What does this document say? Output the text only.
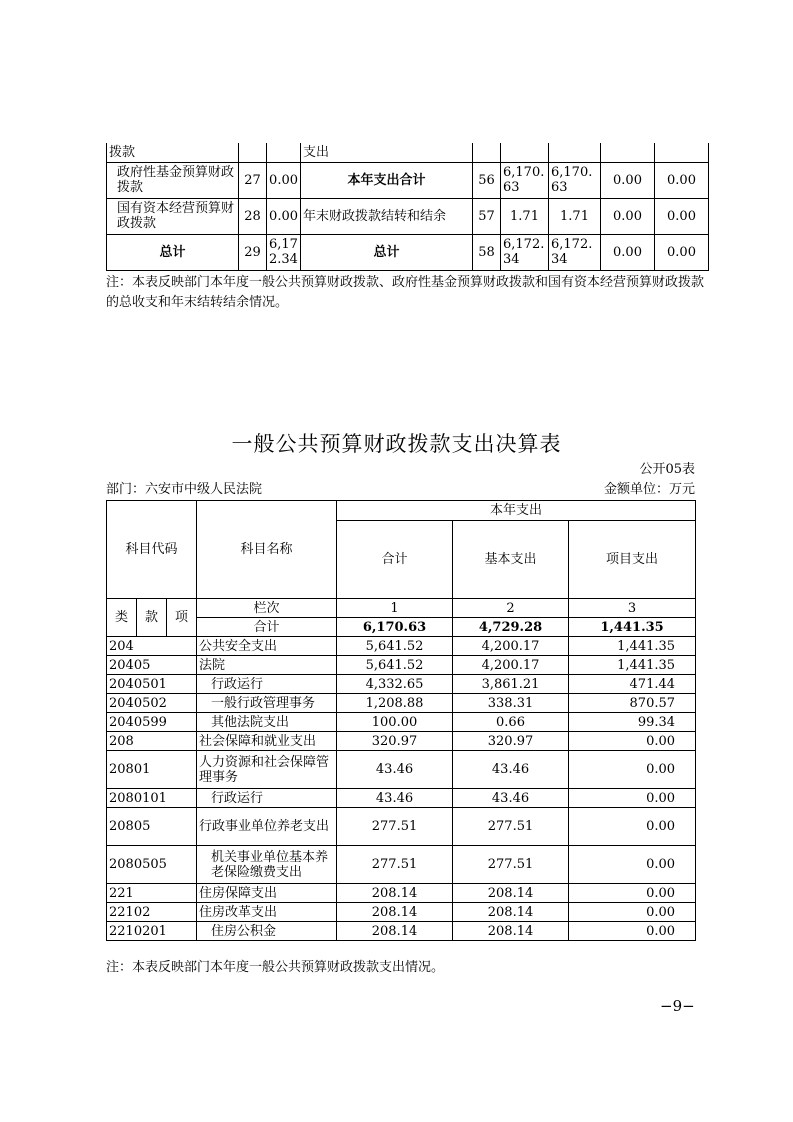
拨款			支出					
政府性基金预算财政拨款	27	0.00	本年支出合计	56	6,170.63	6,170.63	0.00	0.00
国有资本经营预算财政拨款	28	0.00	年末财政拨款结转和结余	57	1.71	1.71	0.00	0.00
总计	29	6,172.34	总计	58	6,172.34	6,172.34	0.00	0.00
注：本表反映部门本年度一般公共预算财政拨款、政府性基金预算财政拨款和国有资本经营预算财政拨款
的总收支和年末结转结余情况。
一般公共预算财政拨款支出决算表
公开05表
部门：六安市中级人民法院	金额单位：万元
科目代码			科目名称	本年支出		
				合计	基本支出	项目支出
类	款	项	栏次	1	2	3
			合计	6,170.63	4,729.28	1,441.35
204			公共安全支出	5,641.52	4,200.17	1,441.35
20405			法院	5,641.52	4,200.17	1,441.35
2040501			行政运行	4,332.65	3,861.21	471.44
2040502			一般行政管理事务	1,208.88	338.31	870.57
2040599			其他法院支出	100.00	0.66	99.34
208			社会保障和就业支出	320.97	320.97	0.00
20801			人力资源和社会保障管理事务	43.46	43.46	0.00
2080101			行政运行	43.46	43.46	0.00
20805			行政事业单位养老支出	277.51	277.51	0.00
2080505			机关事业单位基本养老保险缴费支出	277.51	277.51	0.00
221			住房保障支出	208.14	208.14	0.00
22102			住房改革支出	208.14	208.14	0.00
2210201			住房公积金	208.14	208.14	0.00
注：本表反映部门本年度一般公共预算财政拨款支出情况。
−9−
